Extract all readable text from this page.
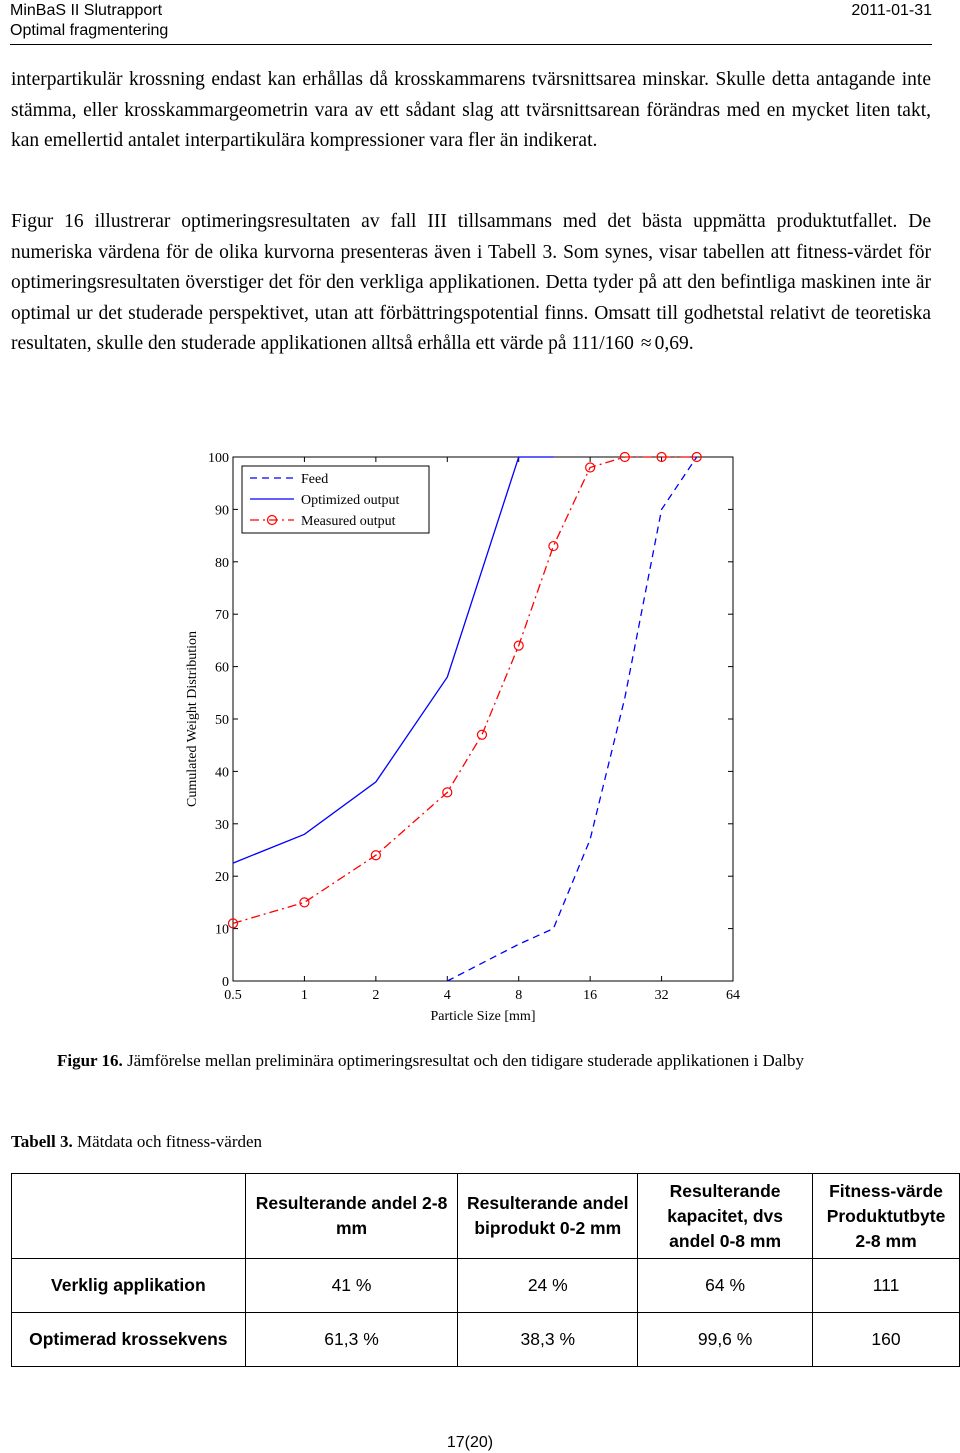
MinBaS II Slutrapport
Optimal fragmentering
2011-01-31
interpartikulär krossning endast kan erhållas då krosskammarens tvärsnittsarea minskar. Skulle detta antagande inte stämma, eller krosskammargeometrin vara av ett sådant slag att tvärsnittsarean förändras med en mycket liten takt, kan emellertid antalet interpartikulära kompressioner vara fler än indikerat.
Figur 16 illustrerar optimeringsresultaten av fall III tillsammans med det bästa uppmätta produktutfallet. De numeriska värdena för de olika kurvorna presenteras även i Tabell 3. Som synes, visar tabellen att fitness-värdet för optimeringsresultaten överstiger det för den verkliga applikationen. Detta tyder på att den befintliga maskinen inte är optimal ur det studerade perspektivet, utan att förbättringspotential finns. Omsatt till godhetstal relativt de teoretiska resultaten, skulle den studerade applikationen alltså erhålla ett värde på 111/160 ≈ 0,69.
0.5	1	2	4	8	16	32	64
0
10
20
30
40
50
60
70
80
90
100
Particle Size [mm]
Cumulated Weight Distribution
Feed
Optimized output
Measured output
Figur 16. Jämförelse mellan preliminära optimeringsresultat och den tidigare studerade applikationen i Dalby
Tabell 3. Mätdata och fitness-värden
	Resulterande andel 2-8 mm	Resulterande andel biprodukt 0-2 mm	Resulterande kapacitet, dvs andel 0-8 mm	Fitness-värde Produktutbyte 2-8 mm
Verklig applikation	41 %	24 %	64 %	111
Optimerad krossekvens	61,3 %	38,3 %	99,6 %	160
17(20)
